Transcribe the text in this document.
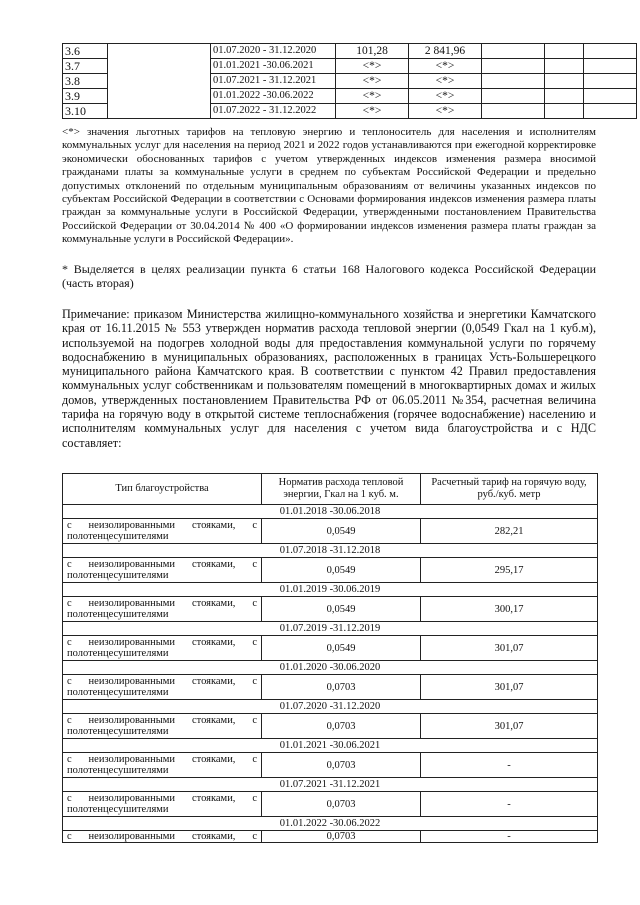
3.6		01.07.2020 - 31.12.2020	101,28	2 841,96			
3.7		01.01.2021 -30.06.2021	<*>	<*>			
3.8		01.07.2021 - 31.12.2021	<*>	<*>			
3.9		01.01.2022 -30.06.2022	<*>	<*>			
3.10		01.07.2022 - 31.12.2022	<*>	<*>			
<*> значения льготных тарифов на тепловую энергию и теплоноситель для населения и исполнителям коммунальных услуг для населения на период 2021 и 2022 годов устанавливаются при ежегодной корректировке экономически обоснованных тарифов с учетом утвержденных индексов изменения размера вносимой гражданами платы за коммунальные услуги в среднем по субъектам Российской Федерации и предельно допустимых отклонений по отдельным муниципальным образованиям от величины указанных индексов по субъектам Российской Федерации в соответствии с Основами формирования индексов изменения размера платы граждан за коммунальные услуги в Российской Федерации, утвержденными постановлением Правительства Российской Федерации от 30.04.2014 № 400 «О формировании индексов изменения размера платы граждан за коммунальные услуги в Российской Федерации».
* Выделяется в целях реализации пункта 6 статьи 168 Налогового кодекса Российской Федерации (часть вторая)
Примечание: приказом Министерства жилищно-коммунального хозяйства и энергетики Камчатского края от 16.11.2015 № 553 утвержден норматив расхода тепловой энергии (0,0549 Гкал на 1 куб.м), используемой на подогрев холодной воды для предоставления коммунальной услуги по горячему водоснабжению в муниципальных образованиях, расположенных в границах Усть-Большерецкого муниципального района Камчатского края. В соответствии с пунктом 42 Правил предоставления коммунальных услуг собственникам и пользователям помещений в многоквартирных домах и жилых домов, утвержденных постановлением Правительства РФ от 06.05.2011 №354, расчетная величина тарифа на горячую воду в открытой системе теплоснабжения (горячее водоснабжение) населению и исполнителям коммунальных услуг для населения с учетом вида благоустройства и с НДС составляет:
Тип благоустройства	Норматив расхода тепловой энергии, Гкал на 1 куб. м.	Расчетный тариф на горячую воду, руб./куб. метр
01.01.2018 -30.06.2018		
с неизолированными стояками, с
полотенцесушителями	0,0549	282,21
01.07.2018 -31.12.2018		
с неизолированными стояками, с
полотенцесушителями	0,0549	295,17
01.01.2019 -30.06.2019		
с неизолированными стояками, с
полотенцесушителями	0,0549	300,17
01.07.2019 -31.12.2019		
с неизолированными стояками, с
полотенцесушителями	0,0549	301,07
01.01.2020 -30.06.2020		
с неизолированными стояками, с
полотенцесушителями	0,0703	301,07
01.07.2020 -31.12.2020		
с неизолированными стояками, с
полотенцесушителями	0,0703	301,07
01.01.2021 -30.06.2021		
с неизолированными стояками, с
полотенцесушителями	0,0703	-
01.07.2021 -31.12.2021		
с неизолированными стояками, с
полотенцесушителями	0,0703	-
01.01.2022 -30.06.2022		
с неизолированными стояками, с	0,0703	-
